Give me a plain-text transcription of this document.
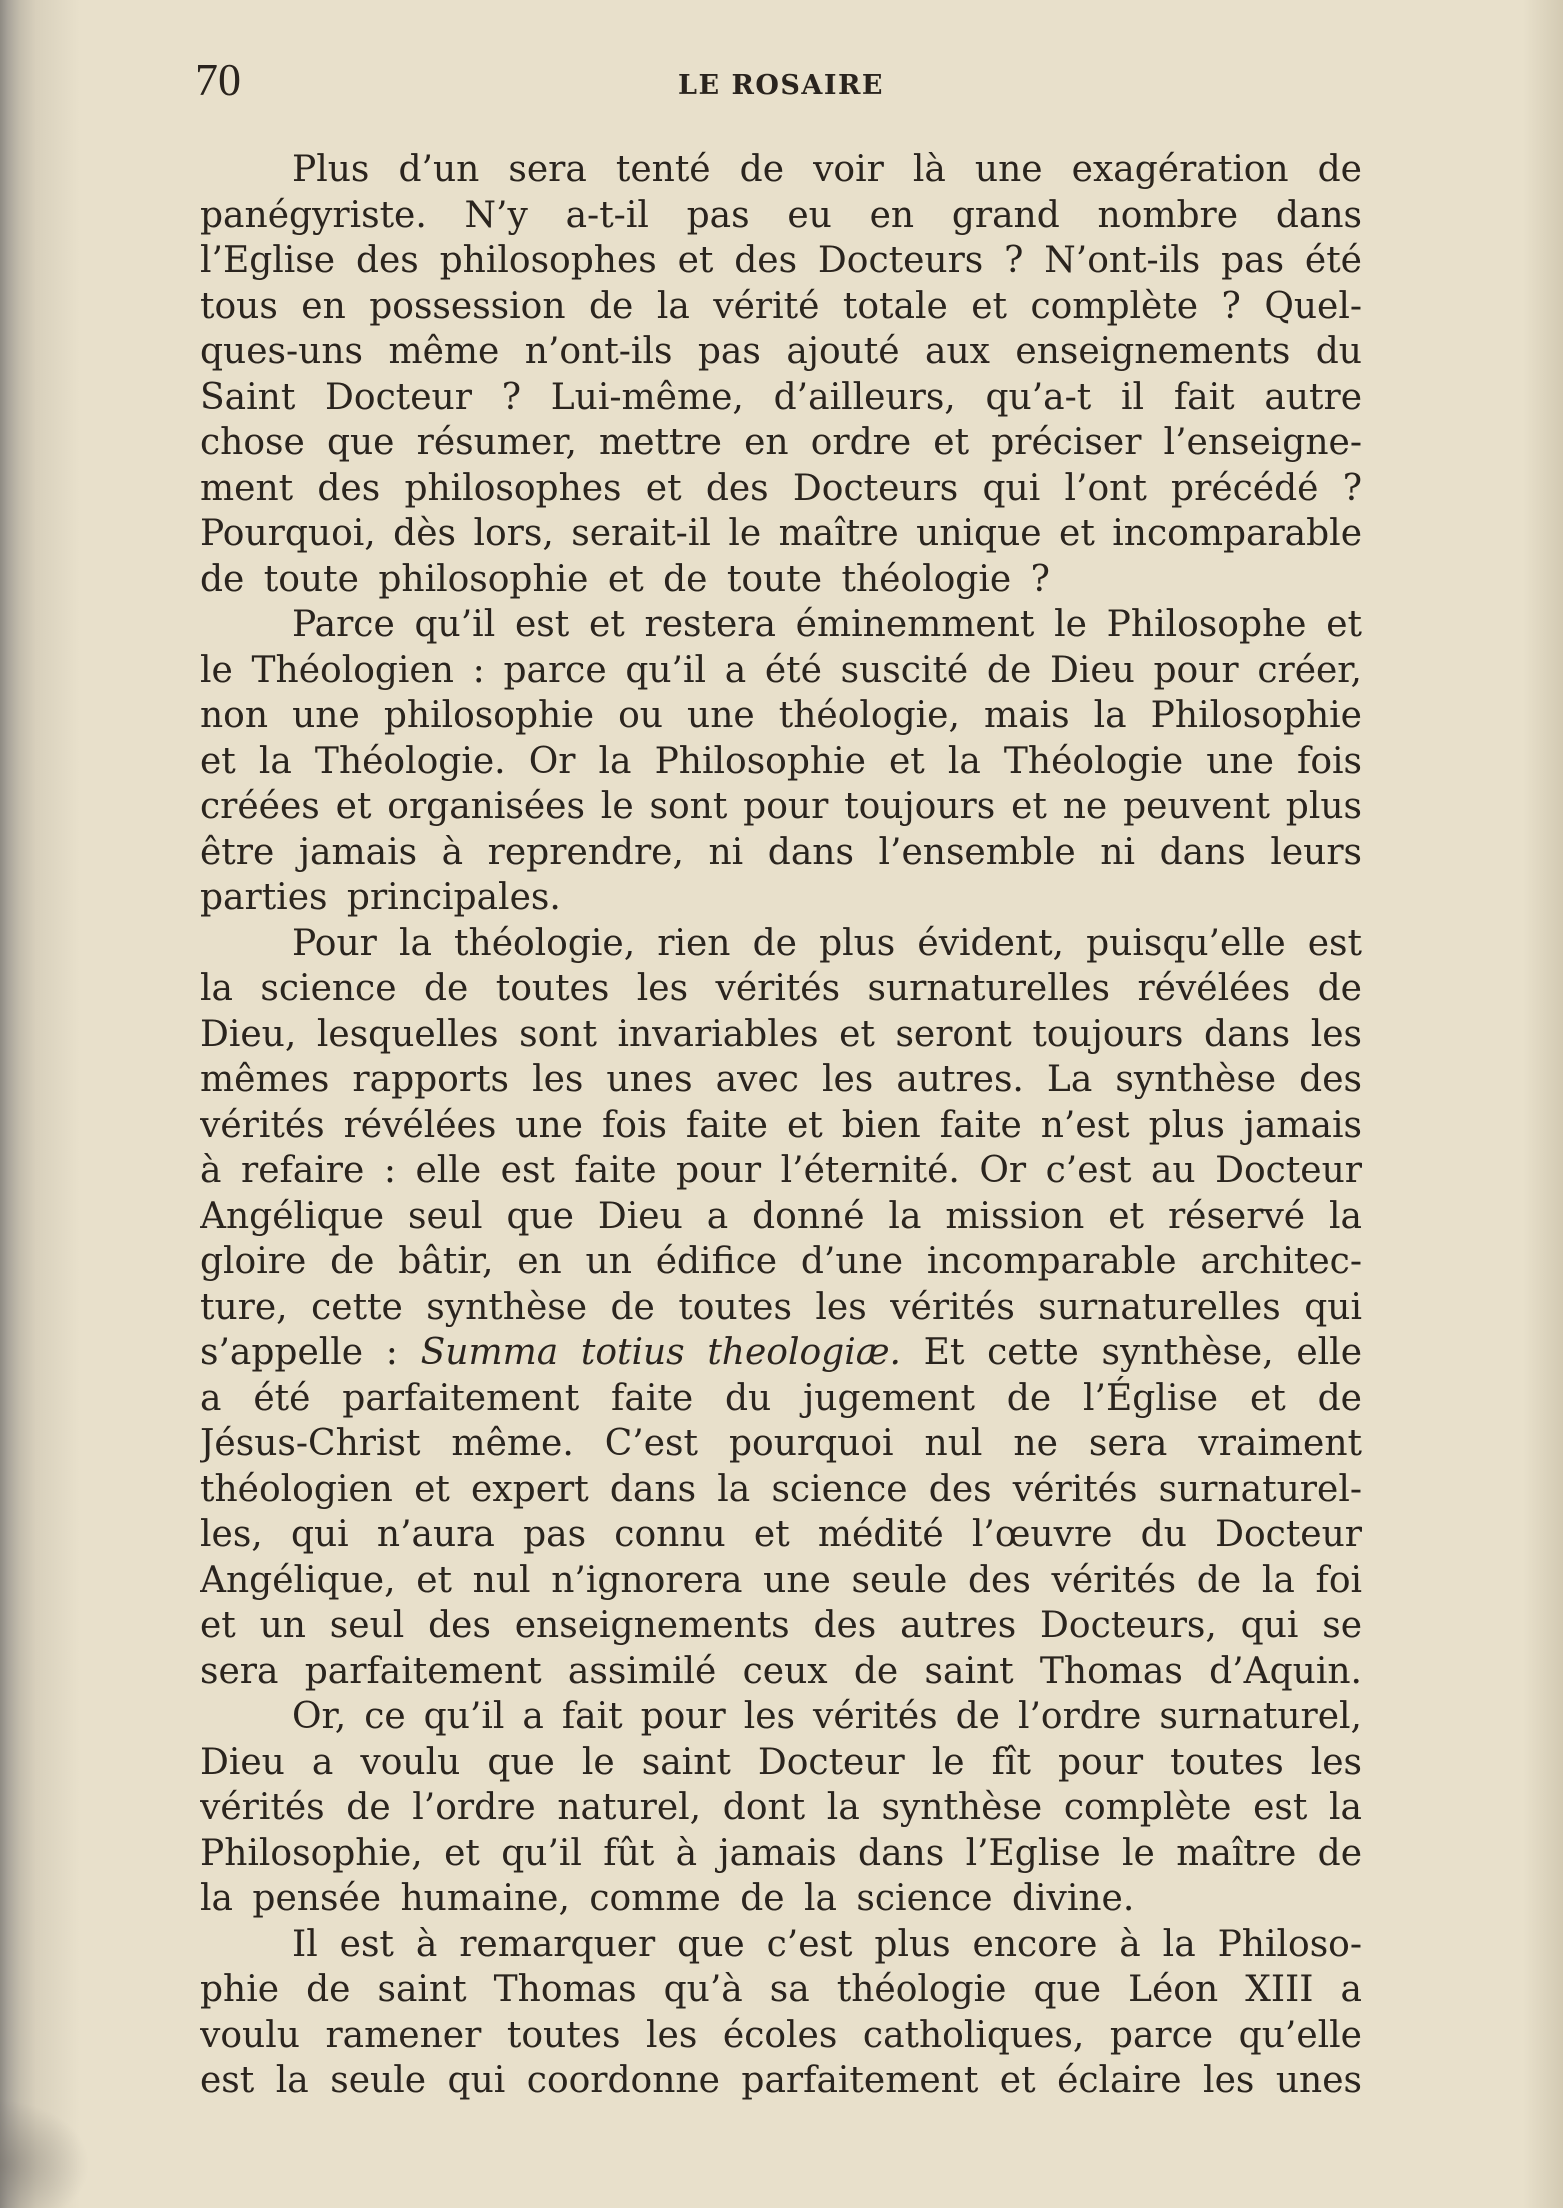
70	LE ROSAIRE
Plus d’un sera tenté de voir là une exagération de
panégyriste. N’y a-t-il pas eu en grand nombre dans
l’Eglise des philosophes et des Docteurs ? N’ont-ils pas été
tous en possession de la vérité totale et complète ? Quel-
ques-uns même n’ont-ils pas ajouté aux enseignements du
Saint Docteur ? Lui-même, d’ailleurs, qu’a-t il fait autre
chose que résumer, mettre en ordre et préciser l’enseigne-
ment des philosophes et des Docteurs qui l’ont précédé ?
Pourquoi, dès lors, serait-il le maître unique et incomparable
de toute philosophie et de toute théologie ?
Parce qu’il est et restera éminemment le Philosophe et
le Théologien : parce qu’il a été suscité de Dieu pour créer,
non une philosophie ou une théologie, mais la Philosophie
et la Théologie. Or la Philosophie et la Théologie une fois
créées et organisées le sont pour toujours et ne peuvent plus
être jamais à reprendre, ni dans l’ensemble ni dans leurs
parties principales.
Pour la théologie, rien de plus évident, puisqu’elle est
la science de toutes les vérités surnaturelles révélées de
Dieu, lesquelles sont invariables et seront toujours dans les
mêmes rapports les unes avec les autres. La synthèse des
vérités révélées une fois faite et bien faite n’est plus jamais
à refaire : elle est faite pour l’éternité. Or c’est au Docteur
Angélique seul que Dieu a donné la mission et réservé la
gloire de bâtir, en un édifice d’une incomparable architec-
ture, cette synthèse de toutes les vérités surnaturelles qui
s’appelle : Summa totius theologiæ. Et cette synthèse, elle
a été parfaitement faite du jugement de l’Église et de
Jésus-Christ même. C’est pourquoi nul ne sera vraiment
théologien et expert dans la science des vérités surnaturel-
les, qui n’aura pas connu et médité l’œuvre du Docteur
Angélique, et nul n’ignorera une seule des vérités de la foi
et un seul des enseignements des autres Docteurs, qui se
sera parfaitement assimilé ceux de saint Thomas d’Aquin.
Or, ce qu’il a fait pour les vérités de l’ordre surnaturel,
Dieu a voulu que le saint Docteur le fît pour toutes les
vérités de l’ordre naturel, dont la synthèse complète est la
Philosophie, et qu’il fût à jamais dans l’Eglise le maître de
la pensée humaine, comme de la science divine.
Il est à remarquer que c’est plus encore à la Philoso-
phie de saint Thomas qu’à sa théologie que Léon XIII a
voulu ramener toutes les écoles catholiques, parce qu’elle
est la seule qui coordonne parfaitement et éclaire les unes
